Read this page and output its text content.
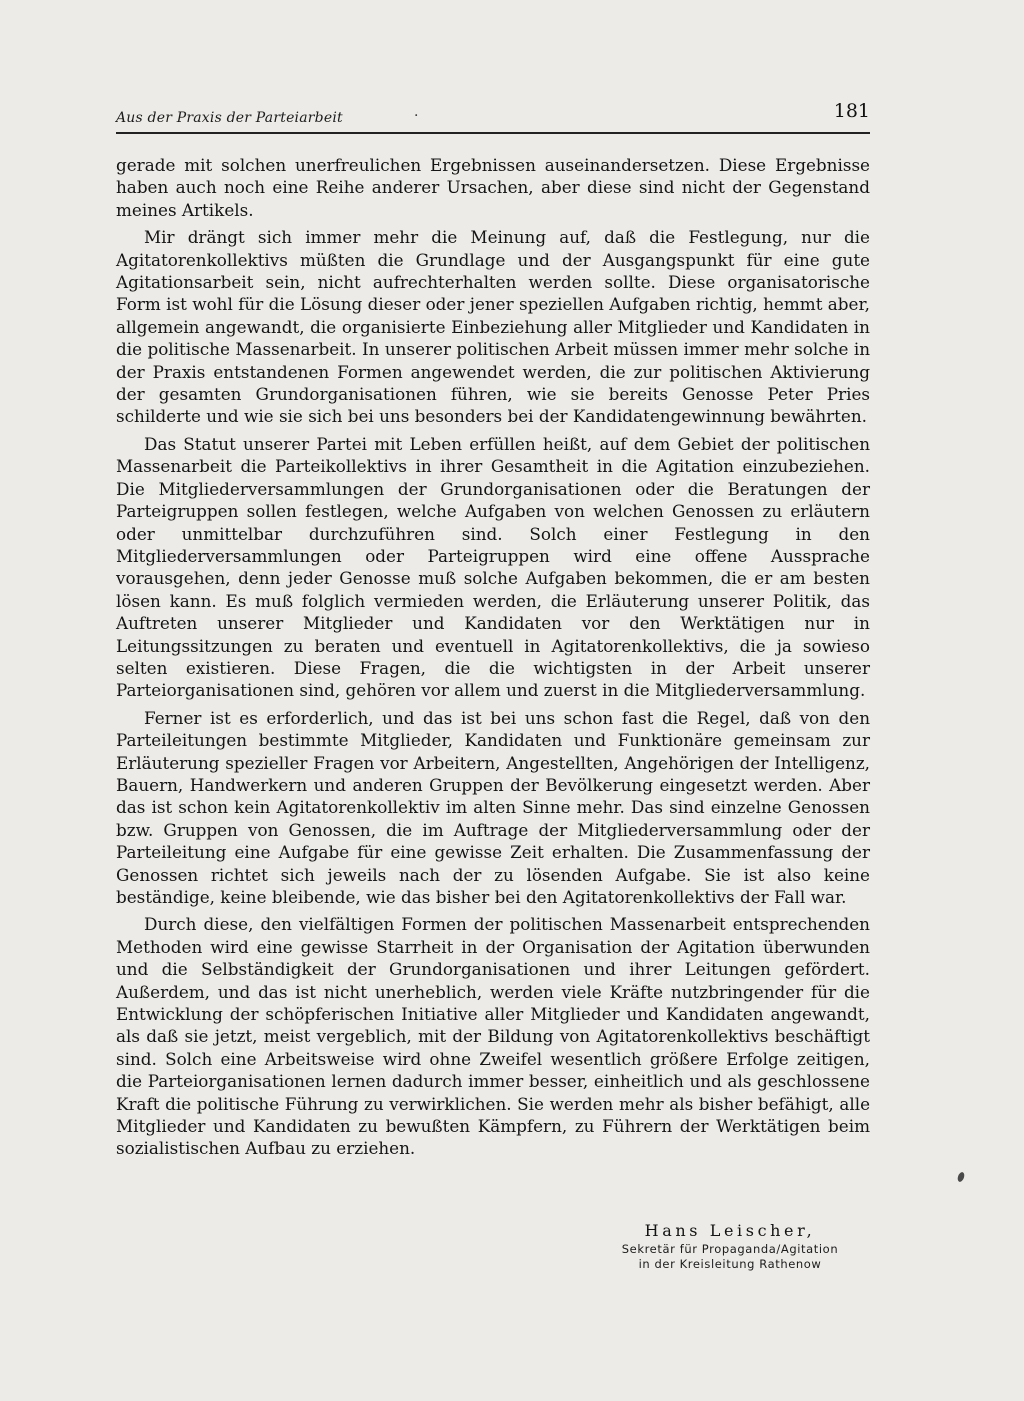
Aus der Praxis der Parteiarbeit	·	181

gerade mit solchen unerfreulichen Ergebnissen auseinandersetzen. Diese Ergebnisse haben auch noch eine Reihe anderer Ursachen, aber diese sind nicht der Gegenstand meines Artikels.

Mir drängt sich immer mehr die Meinung auf, daß die Festlegung, nur die Agitatorenkollektivs müßten die Grundlage und der Ausgangspunkt für eine gute Agitationsarbeit sein, nicht aufrechterhalten werden sollte. Diese organisatorische Form ist wohl für die Lösung dieser oder jener speziellen Aufgaben richtig, hemmt aber, allgemein angewandt, die organisierte Einbeziehung aller Mitglieder und Kandidaten in die politische Massenarbeit. In unserer politischen Arbeit müssen immer mehr solche in der Praxis entstandenen Formen angewendet werden, die zur politischen Aktivierung der gesamten Grundorganisationen führen, wie sie bereits Genosse Peter Pries schilderte und wie sie sich bei uns besonders bei der Kandidatengewinnung bewährten.

Das Statut unserer Partei mit Leben erfüllen heißt, auf dem Gebiet der politischen Massenarbeit die Parteikollektivs in ihrer Gesamtheit in die Agitation einzubeziehen. Die Mitgliederversammlungen der Grundorganisationen oder die Beratungen der Parteigruppen sollen festlegen, welche Aufgaben von welchen Genossen zu erläutern oder unmittelbar durchzuführen sind. Solch einer Festlegung in den Mitgliederversammlungen oder Parteigruppen wird eine offene Aussprache vorausgehen, denn jeder Genosse muß solche Aufgaben bekommen, die er am besten lösen kann. Es muß folglich vermieden werden, die Erläuterung unserer Politik, das Auftreten unserer Mitglieder und Kandidaten vor den Werktätigen nur in Leitungssitzungen zu beraten und eventuell in Agitatorenkollektivs, die ja sowieso selten existieren. Diese Fragen, die die wichtigsten in der Arbeit unserer Parteiorganisationen sind, gehören vor allem und zuerst in die Mitgliederversammlung.

Ferner ist es erforderlich, und das ist bei uns schon fast die Regel, daß von den Parteileitungen bestimmte Mitglieder, Kandidaten und Funktionäre gemeinsam zur Erläuterung spezieller Fragen vor Arbeitern, Angestellten, Angehörigen der Intelligenz, Bauern, Handwerkern und anderen Gruppen der Bevölkerung eingesetzt werden. Aber das ist schon kein Agitatorenkollektiv im alten Sinne mehr. Das sind einzelne Genossen bzw. Gruppen von Genossen, die im Auftrage der Mitgliederversammlung oder der Parteileitung eine Aufgabe für eine gewisse Zeit erhalten. Die Zusammenfassung der Genossen richtet sich jeweils nach der zu lösenden Aufgabe. Sie ist also keine beständige, keine bleibende, wie das bisher bei den Agitatorenkollektivs der Fall war.

Durch diese, den vielfältigen Formen der politischen Massenarbeit entsprechenden Methoden wird eine gewisse Starrheit in der Organisation der Agitation überwunden und die Selbständigkeit der Grundorganisationen und ihrer Leitungen gefördert. Außerdem, und das ist nicht unerheblich, werden viele Kräfte nutzbringender für die Entwicklung der schöpferischen Initiative aller Mitglieder und Kandidaten angewandt, als daß sie jetzt, meist vergeblich, mit der Bildung von Agitatorenkollektivs beschäftigt sind. Solch eine Arbeitsweise wird ohne Zweifel wesentlich größere Erfolge zeitigen, die Parteiorganisationen lernen dadurch immer besser, einheitlich und als geschlossene Kraft die politische Führung zu verwirklichen. Sie werden mehr als bisher befähigt, alle Mitglieder und Kandidaten zu bewußten Kämpfern, zu Führern der Werktätigen beim sozialistischen Aufbau zu erziehen.

Hans Leischer,
Sekretär für Propaganda/Agitation
in der Kreisleitung Rathenow
